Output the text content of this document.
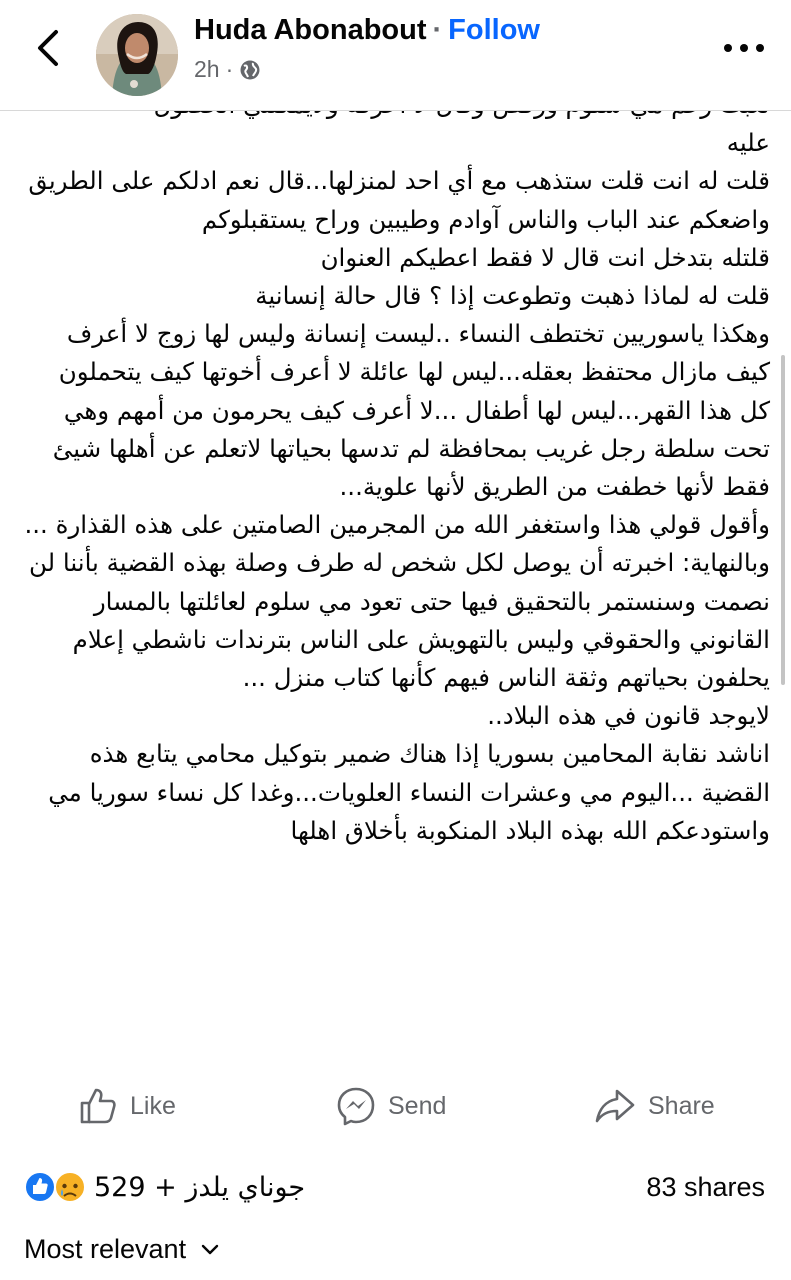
Huda Abonabout · Follow
2h ·

عليه

قلت له انت قلت ستذهب مع أي احد لمنزلها...قال نعم ادلكم على الطريق واضعكم عند الباب والناس آوادم وطيبين وراح يستقبلوكم

قلتله بتدخل انت قال لا فقط اعطيكم العنوان

قلت له لماذا ذهبت وتطوعت إذا ؟ قال حالة إنسانية

وهكذا ياسوريين تختطف النساء ..ليست إنسانة وليس لها زوج لا أعرف كيف مازال محتفظ بعقله...ليس لها عائلة لا أعرف أخوتها كيف يتحملون كل هذا القهر...ليس لها أطفال ...لا أعرف كيف يحرمون من أمهم وهي تحت سلطة رجل غريب بمحافظة لم تدسها بحياتها لاتعلم عن أهلها شيئ فقط لأنها خطفت من الطريق لأنها علوية...

وأقول قولي هذا واستغفر الله من المجرمين الصامتين على هذه القذارة ...

وبالنهاية: اخبرته أن يوصل لكل شخص له طرف وصلة بهذه القضية بأننا لن نصمت وسنستمر بالتحقيق فيها حتى تعود مي سلوم لعائلتها بالمسار القانوني والحقوقي وليس بالتهويش على الناس بترندات ناشطي إعلام يحلفون بحياتهم وثقة الناس فيهم كأنها كتاب منزل ...

لايوجد قانون في هذه البلاد..

اناشد نقابة المحامين بسوريا إذا هناك ضمير بتوكيل محامي يتابع هذه القضية ...اليوم مي وعشرات النساء العلويات...وغدا كل نساء سوريا مي

واستودعكم الله بهذه البلاد المنكوبة بأخلاق اهلها

Like	Send	Share
جوناي يلدز + 529	83 shares
Most relevant
